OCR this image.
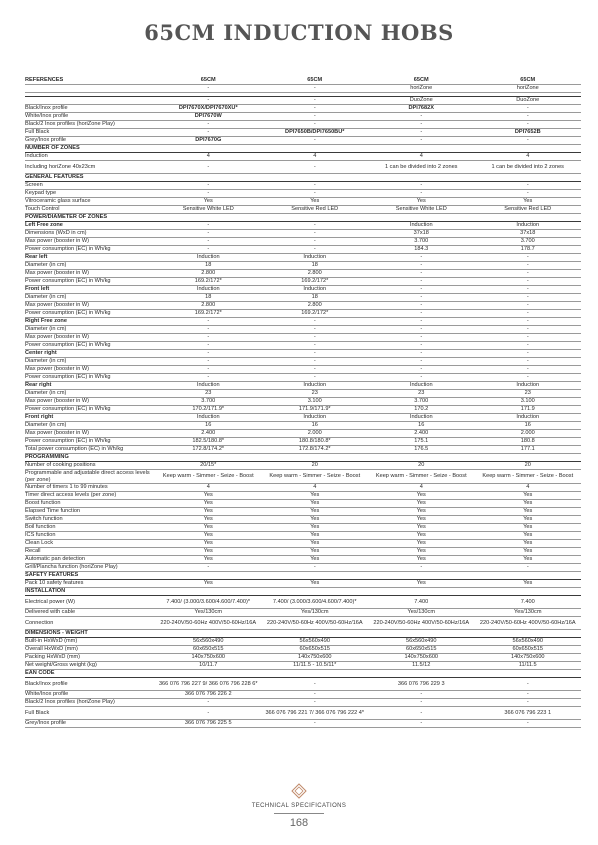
65CM INDUCTION HOBS
REFERENCES	65CM	65CM	65CM	65CM
	-	-	horiZone	horiZone

	-	-	DuoZone	DuoZone
Black/Inox profile	DPI7670X/DPI7670XU*	-	DPI7682X	-
White/Inox profile	DPI7670W	-	-	-
Black/2 Inox profiles (horiZone Play)	-	-	-	-
Full Black	-	DPI7650B/DPI7650BU*	-	DPI7652B
Grey/Inox profile	DPI7670G	-	-	-
NUMBER OF ZONES				
Induction	4	4	4	4
Including horiZone 40x23cm	-	-	1 can be divided into 2 zones	1 can be divided into 2 zones
GENERAL FEATURES				
Screen	-	-	-	-
Keypad type	-	-	-	-
Vitroceramic glass surface	Yes	Yes	Yes	Yes
Touch Control	Sensitive White LED	Sensitive Red LED	Sensitive White LED	Sensitive Red LED
POWER/DIAMETER OF ZONES				
Left Free zone	-	-	Induction	Induction
Dimensions (WxD in cm)	-	-	37x18	37x18
Max power (booster in W)	-	-	3.700	3.700
Power consumption (EC) in Wh/kg	-	-	184.3	178.7
Rear left	Induction	Induction	-	-
Diameter (in cm)	18	18	-	-
Max power (booster in W)	2.800	2.800	-	-
Power consumption (EC) in Wh/kg	169.2/172*	169.2/172*	-	-
Front left	Induction	Induction	-	-
Diameter (in cm)	18	18	-	-
Max power (booster in W)	2.800	2.800	-	-
Power consumption (EC) in Wh/kg	169.2/172*	169.2/172*	-	-
Right Free zone	-	-	-	-
Diameter (in cm)	-	-	-	-
Max power (booster in W)	-	-	-	-
Power consumption (EC) in Wh/kg	-	-	-	-
Center right	-	-	-	-
Diameter (in cm)	-	-	-	-
Max power (booster in W)	-	-	-	-
Power consumption (EC) in Wh/kg	-	-	-	-
Rear right	Induction	Induction	Induction	Induction
Diameter (in cm)	23	23	23	23
Max power (booster in W)	3.700	3.100	3.700	3.100
Power consumption (EC) in Wh/kg	170.2/171.9*	171.9/171.9*	170.2	171.9
Front right	Induction	Induction	Induction	Induction
Diameter (in cm)	16	16	16	16
Max power (booster in W)	2.400	2.000	2.400	2.000
Power consumption (EC) in Wh/kg	182.5/180.8*	180.8/180.8*	175.1	180.8
Total power consumption (EC) in Wh/kg	172.8/174.2*	172.8/174.2*	176.5	177.1
PROGRAMMING				
Number of cooking positions	20/15*	20	20	20
Programmable and adjustable direct access levels (per zone)	Keep warm - Simmer - Seize - Boost	Keep warm - Simmer - Seize - Boost	Keep warm - Simmer - Seize - Boost	Keep warm - Simmer - Seize - Boost
Number of timers 1 to 99 minutes	4	4	4	4
Timer direct access levels (per zone)	Yes	Yes	Yes	Yes
Boost function	Yes	Yes	Yes	Yes
Elapsed Time function	Yes	Yes	Yes	Yes
Switch function	Yes	Yes	Yes	Yes
Boil function	Yes	Yes	Yes	Yes
ICS function	Yes	Yes	Yes	Yes
Clean Lock	Yes	Yes	Yes	Yes
Recall	Yes	Yes	Yes	Yes
Automatic pan detection	Yes	Yes	Yes	Yes
Grill/Plancha function (horiZone Play)	-	-	-	-
SAFETY FEATURES				
Pack 10 safety features	Yes	Yes	Yes	Yes
INSTALLATION				
Electrical power (W)	7.400/ (3.000/3.600/4.600/7.400)*	7.400/ (3.000/3.600/4.600/7.400)*	7.400	7.400
Delivered with cable	Yes/130cm	Yes/130cm	Yes/130cm	Yes/130cm
Connection	220-240V/50-60Hz 400V/50-60Hz/16A	220-240V/50-60Hz 400V/50-60Hz/16A	220-240V/50-60Hz 400V/50-60Hz/16A	220-240V/50-60Hz 400V/50-60Hz/16A
DIMENSIONS - WEIGHT				
Built-in HxWxD (mm)	56x560x490	56x560x490	56x560x490	56x560x490
Overall HxWxD (mm)	60x650x515	60x650x515	60x650x515	60x650x515
Packing HxWxD (mm)	140x750x600	140x750x600	140x750x600	140x750x600
Net weight/Gross weight (kg)	10/11.7	11/11.5 - 10.5/11*	11.5/12	11/11.5
EAN CODE				
Black/Inox profile	366 076 796 227 9/ 366 076 796 228 6*	-	366 076 796 229 3	-
White/Inox profile	366 076 796 226 2	-	-	-
Black/2 Inox profiles (horiZone Play)	-	-	-	-
Full Black	-	366 076 796 221 7/ 366 076 796 222 4*	-	366 076 796 223 1
Grey/Inox profile	366 076 796 225 5	-	-	-
TECHNICAL SPECIFICATIONS
168
